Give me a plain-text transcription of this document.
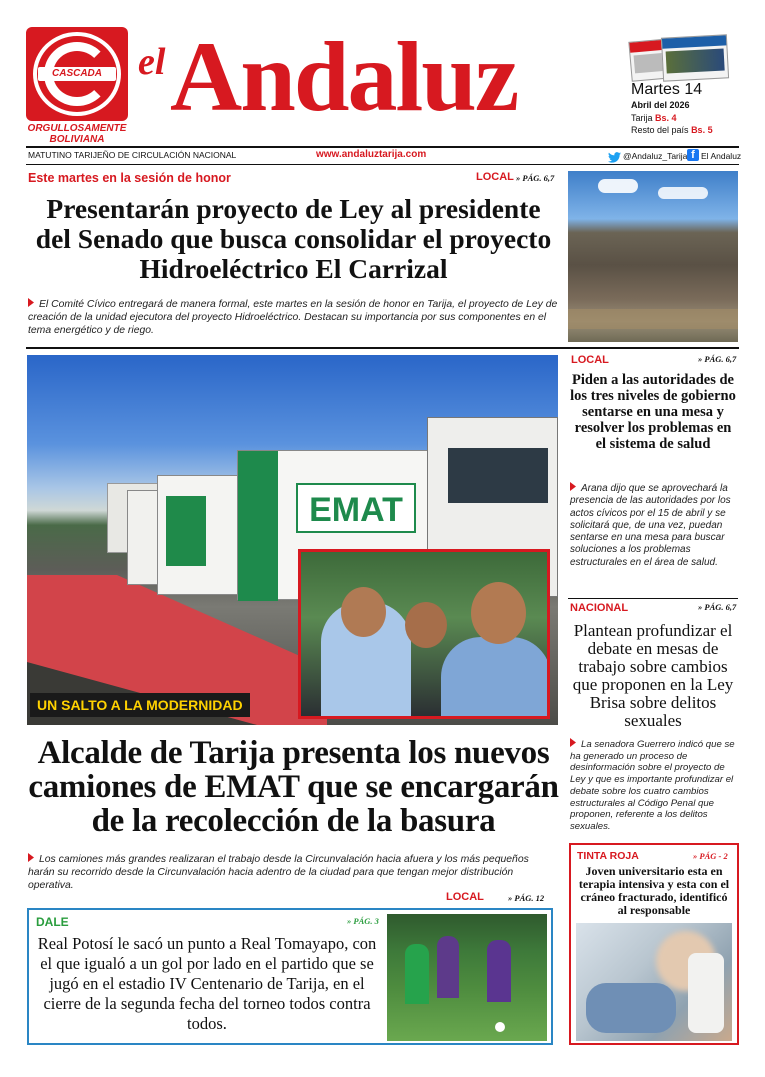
CASCADA
ORGULLOSAMENTE
BOLIVIANA
el Andaluz	Martes 14
Abril del 2026
Tarija Bs. 4
Resto del país Bs. 5
MATUTINO TARIJEÑO DE CIRCULACIÓN NACIONAL	www.andaluztarija.com	@Andaluz_Tarija f El Andaluz
Este martes en la sesión de honor	LOCAL » PÁG. 6,7
Presentarán proyecto de Ley al presidente del Senado que busca consolidar el proyecto Hidroeléctrico El Carrizal
El Comité Cívico entregará de manera formal, este martes en la sesión de honor en Tarija, el proyecto de Ley de creación de la unidad ejecutora del proyecto Hidroeléctrico. Destacan su importancia por sus componentes en el tema energético y de riego.
EMAT
UN SALTO A LA MODERNIDAD
Alcalde de Tarija presenta los nuevos camiones de EMAT que se encargarán de la recolección de la basura
Los camiones más grandes realizaran el trabajo desde la Circunvalación hacia afuera y los más pequeños harán su recorrido desde la Circunvalación hacia adentro de la ciudad para que tengan mejor distribución operativa.
LOCAL	» PÁG. 12
LOCAL	» PÁG. 6,7
Piden a las autoridades de los tres niveles de gobierno sentarse en una mesa y resolver los problemas en el sistema de salud
Arana dijo que se aprovechará la presencia de las autoridades por los actos cívicos por el 15 de abril y se solicitará que, de una vez, puedan sentarse en una mesa para buscar soluciones a los problemas estructurales en el área de salud.
NACIONAL	» PÁG. 6,7
Plantean profundizar el debate en mesas de trabajo sobre cambios que proponen en la Ley Brisa sobre delitos sexuales
La senadora Guerrero indicó que se ha generado un proceso de desinformación sobre el proyecto de Ley y que es importante profundizar el debate sobre los cuatro cambios estructurales al Código Penal que proponen, referente a los delitos sexuales.
DALE	» PÁG. 3
Real Potosí le sacó un punto a Real Tomayapo, con el que igualó a un gol por lado en el partido que se jugó en el estadio IV Centenario de Tarija, en el cierre de la segunda fecha del torneo todos contra todos.
TINTA ROJA	» PÁG - 2
Joven universitario esta en terapia intensiva y esta con el cráneo fracturado, identificó al responsable
